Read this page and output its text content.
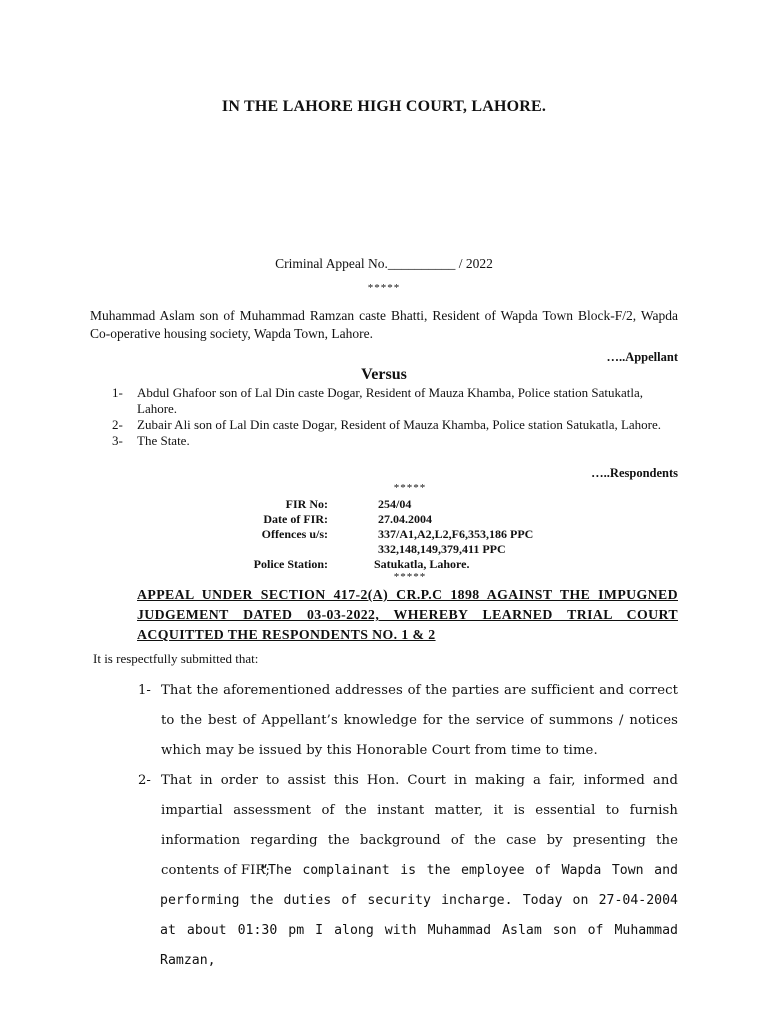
IN THE LAHORE HIGH COURT, LAHORE.
Criminal Appeal No.__________ / 2022
*****
Muhammad Aslam son of Muhammad Ramzan caste Bhatti, Resident of Wapda Town Block-F/2, Wapda Co-operative housing society, Wapda Town, Lahore.
…..Appellant
Versus
1-	Abdul Ghafoor son of Lal Din caste Dogar, Resident of Mauza Khamba, Police station Satukatla, Lahore.
2-	Zubair Ali son of Lal Din caste Dogar, Resident of Mauza Khamba, Police station Satukatla, Lahore.
3-	The State.
…..Respondents
*****
FIR No:	254/04
Date of FIR:	27.04.2004
Offences u/s:	337/A1,A2,L2,F6,353,186 PPC
332,148,149,379,411 PPC
Police Station:	Satukatla, Lahore.
*****
APPEAL UNDER SECTION 417-2(A) CR.P.C 1898 AGAINST THE IMPUGNED JUDGEMENT DATED 03-03-2022, WHEREBY LEARNED TRIAL COURT ACQUITTED THE RESPONDENTS NO. 1 & 2
It is respectfully submitted that:
1- That the aforementioned addresses of the parties are sufficient and correct to the best of Appellant’s knowledge for the service of summons / notices which may be issued by this Honorable Court from time to time.
2- That in order to assist this Hon. Court in making a fair, informed and impartial assessment of the instant matter, it is essential to furnish information regarding the background of the case by presenting the contents of FIR;
“The complainant is the employee of Wapda Town and performing the duties of security incharge. Today on 27-04-2004 at about 01:30 pm I along with Muhammad Aslam son of Muhammad Ramzan,
